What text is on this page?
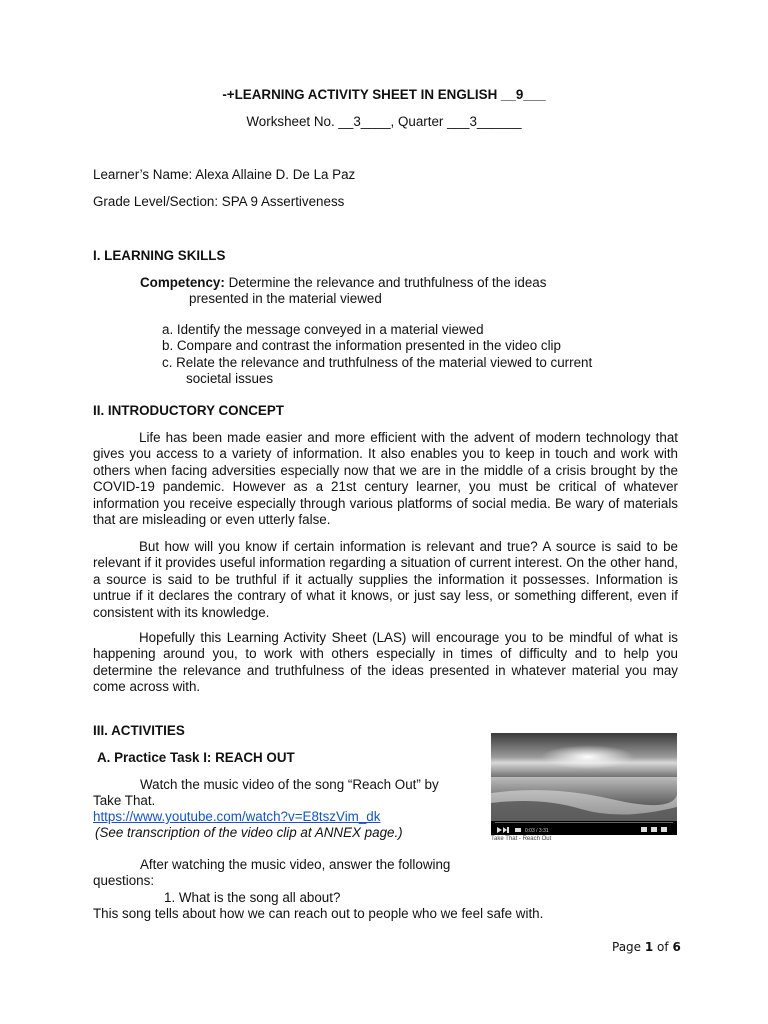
-+LEARNING ACTIVITY SHEET IN ENGLISH __9___
Worksheet No. __3____, Quarter ___3______
Learner’s Name: Alexa Allaine D. De La Paz
Grade Level/Section: SPA 9 Assertiveness
I. LEARNING SKILLS
Competency: Determine the relevance and truthfulness of the ideas
presented in the material viewed
a. Identify the message conveyed in a material viewed
b. Compare and contrast the information presented in the video clip
c. Relate the relevance and truthfulness of the material viewed to current
societal issues
II. INTRODUCTORY CONCEPT

Life has been made easier and more efficient with the advent of modern technology that gives you access to a variety of information. It also enables you to keep in touch and work with others when facing adversities especially now that we are in the middle of a crisis brought by the COVID-19 pandemic. However as a 21st century learner, you must be critical of whatever information you receive especially through various platforms of social media. Be wary of materials that are misleading or even utterly false.

But how will you know if certain information is relevant and true? A source is said to be relevant if it provides useful information regarding a situation of current interest. On the other hand, a source is said to be truthful if it actually supplies the information it possesses. Information is untrue if it declares the contrary of what it knows, or just say less, or something different, even if consistent with its knowledge.

Hopefully this Learning Activity Sheet (LAS) will encourage you to be mindful of what is happening around you, to work with others especially in times of difficulty and to help you determine the relevance and truthfulness of the ideas presented in whatever material you may come across with.

III. ACTIVITIES
A. Practice Task I: REACH OUT
Watch the music video of the song “Reach Out” by
Take That.
https://www.youtube.com/watch?v=E8tszVim_dk
(See transcription of the video clip at ANNEX page.)	0:03 / 3:31
Take That - Reach Out
After watching the music video, answer the following
questions:
1. What is the song all about?
This song tells about how we can reach out to people who we feel safe with.
Page 1 of 6
